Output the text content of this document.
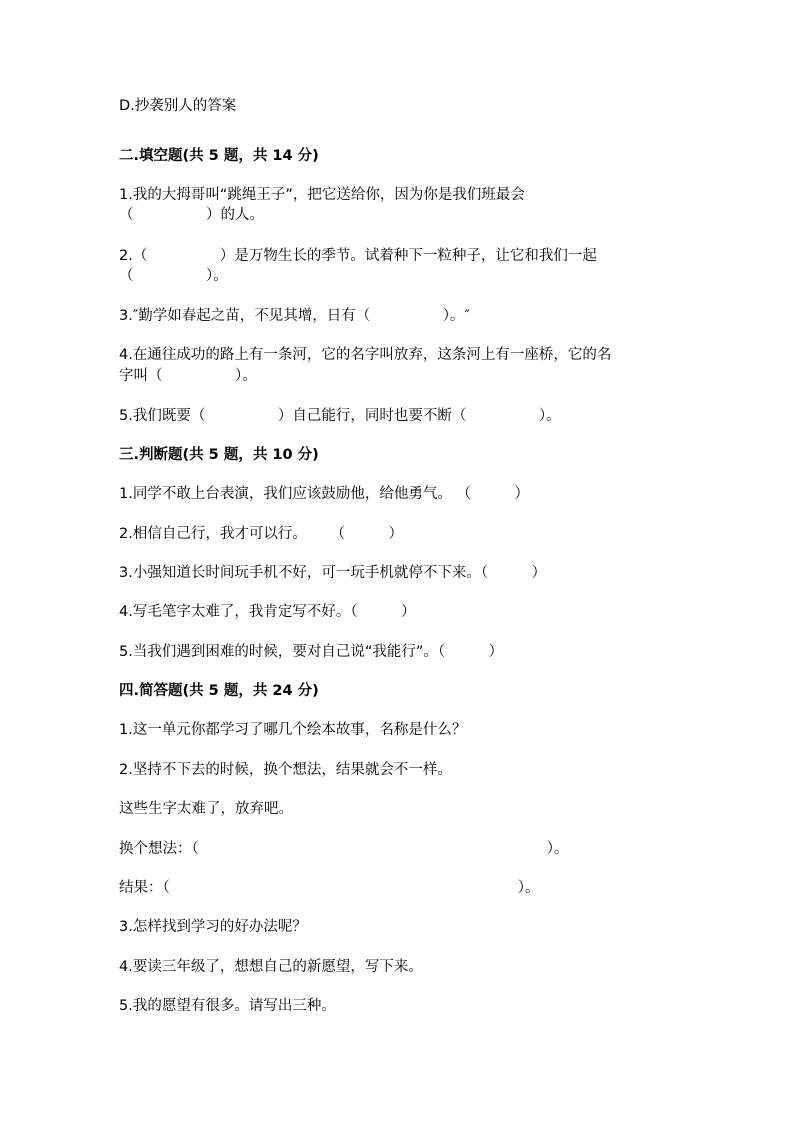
D.抄袭别人的答案
二.填空题(共 5 题，共 14 分)
1.我的大拇哥叫“跳绳王子”，把它送给你，因为你是我们班最会
（　　　　　）的人。
2.（　　　　　）是万物生长的季节。试着种下一粒种子，让它和我们一起
（　　　　　）。
3.″勤学如春起之苗，不见其增，日有（　　　　　）。″
4.在通往成功的路上有一条河，它的名字叫放弃，这条河上有一座桥，它的名
字叫（　　　　　）。
5.我们既要（　　　　　）自己能行，同时也要不断（　　　　　）。
三.判断题(共 5 题，共 10 分)
1.同学不敢上台表演，我们应该鼓励他，给他勇气。 （　　　）
2.相信自己行，我才可以行。 　 （　　　）
3.小强知道长时间玩手机不好，可一玩手机就停不下来。（　　　）
4.写毛笔字太难了，我肯定写不好。（　　　）
5.当我们遇到困难的时候，要对自己说“我能行”。（　　　）
四.简答题(共 5 题，共 24 分)
1.这一单元你都学习了哪几个绘本故事，名称是什么？
2.坚持不下去的时候，换个想法，结果就会不一样。
这些生字太难了，放弃吧。
换个想法：（　　　　　　　　　　　　　　　　　　　　　　　　）。
结果：（　　　　　　　　　　　　　　　　　　　　　　　　）。
3.怎样找到学习的好办法呢？
4.要读三年级了，想想自己的新愿望，写下来。
5.我的愿望有很多。请写出三种。
